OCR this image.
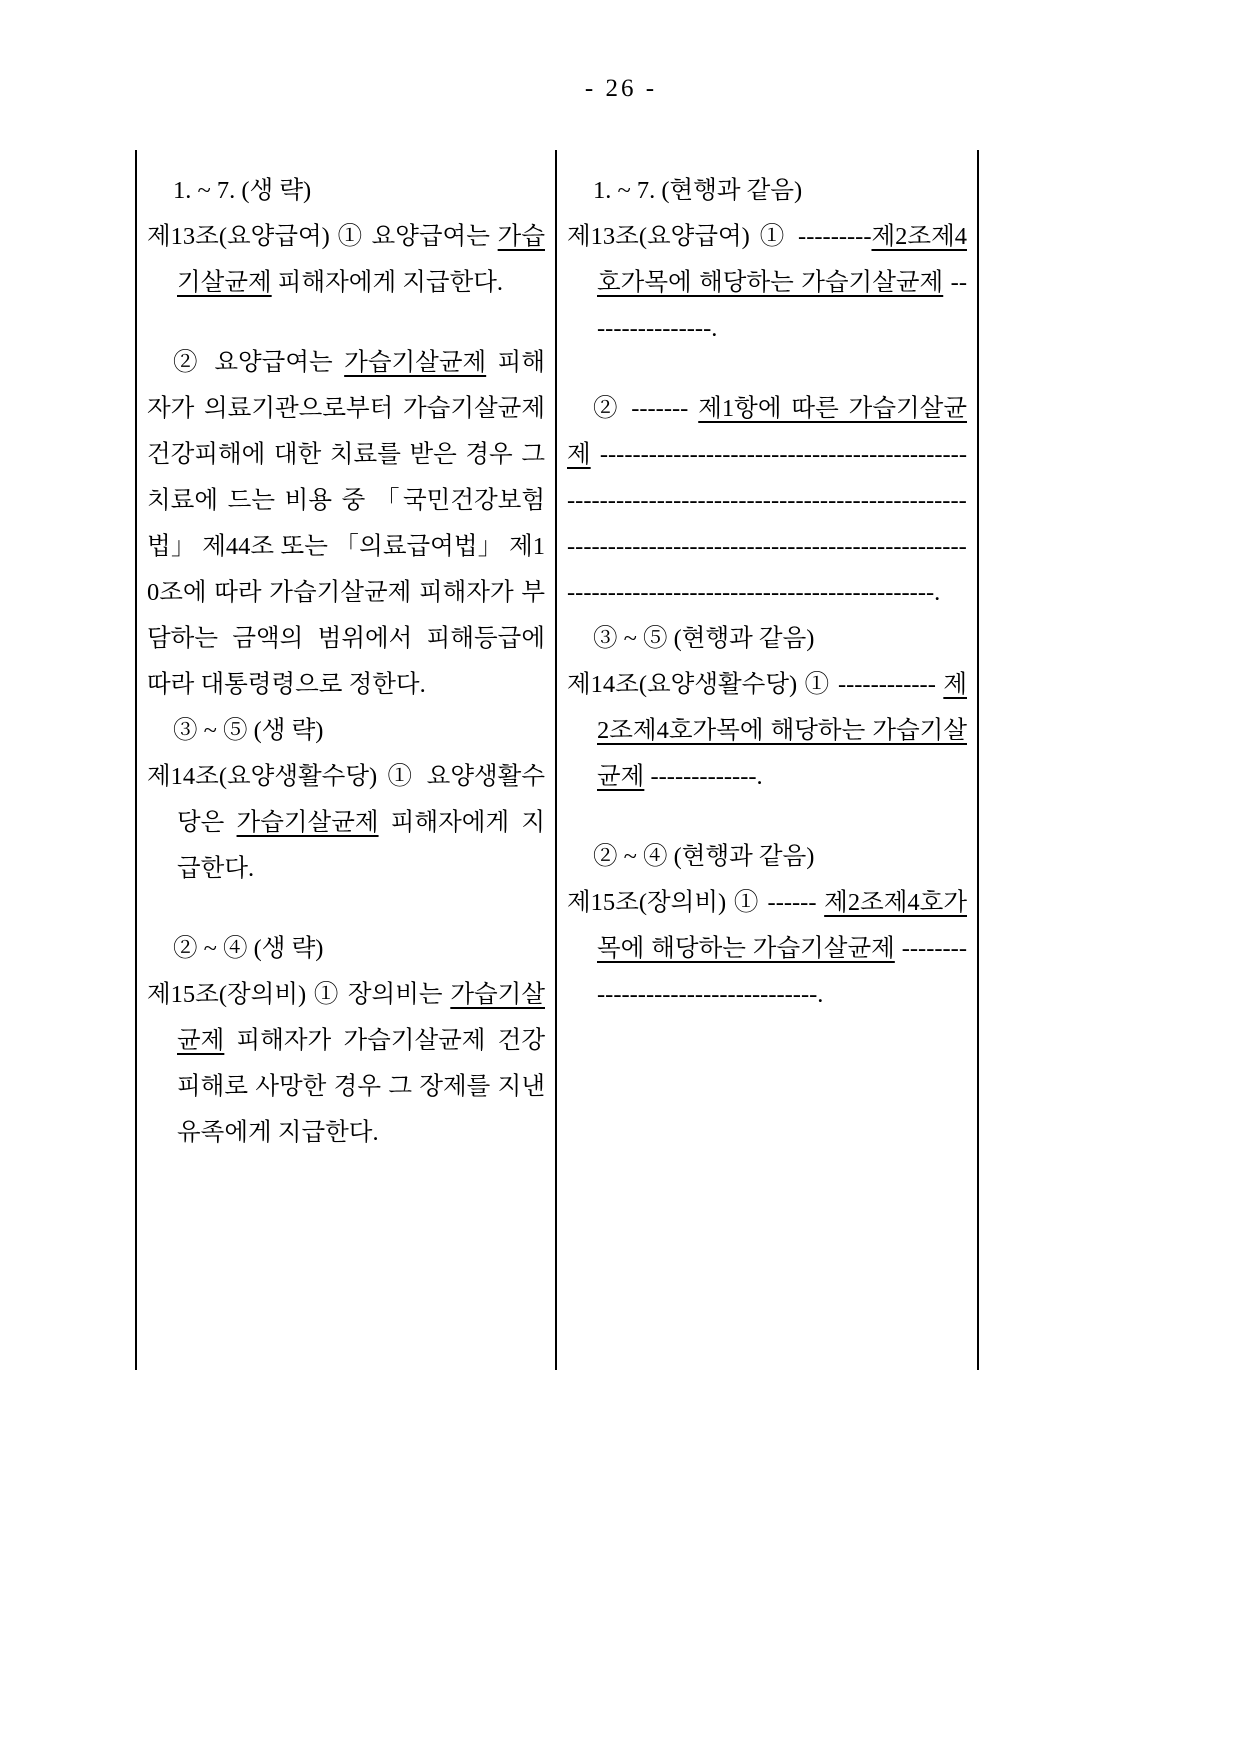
- 26 -
1. ~ 7. (생 략)
제13조(요양급여) ① 요양급여는 가습기살균제 피해자에게 지급한다.
② 요양급여는 가습기살균제 피해자가 의료기관으로부터 가습기살균제 건강피해에 대한 치료를 받은 경우 그 치료에 드는 비용 중 「국민건강보험법」 제44조 또는 「의료급여법」 제10조에 따라 가습기살균제 피해자가 부담하는 금액의 범위에서 피해등급에 따라 대통령령으로 정한다.
③ ~ ⑤ (생 략)
제14조(요양생활수당) ① 요양생활수당은 가습기살균제 피해자에게 지급한다.
② ~ ④ (생 략)
제15조(장의비) ① 장의비는 가습기살균제 피해자가 가습기살균제 건강피해로 사망한 경우 그 장제를 지낸 유족에게 지급한다.
1. ~ 7. (현행과 같음)
제13조(요양급여) ① ---------제2조제4호가목에 해당하는 가습기살균제 ----------------.
② ------- 제1항에 따른 가습기살균제 --------------------------------------------------------------------------------------------------------------------------------------------------------------------------------------------.
③ ~ ⑤ (현행과 같음)
제14조(요양생활수당) ① ------------ 제2조제4호가목에 해당하는 가습기살균제 -------------.
② ~ ④ (현행과 같음)
제15조(장의비) ① ------ 제2조제4호가목에 해당하는 가습기살균제 -----------------------------------.
